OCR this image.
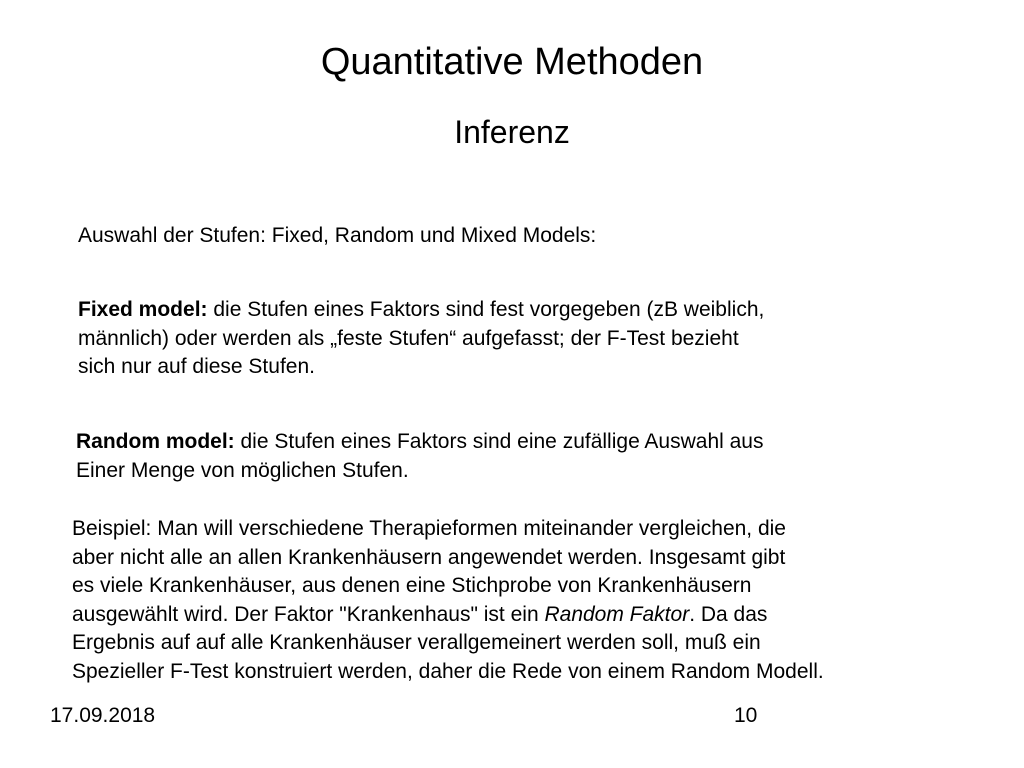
Quantitative Methoden
Inferenz
Auswahl der Stufen: Fixed, Random und Mixed Models:
Fixed model: die Stufen eines Faktors sind fest vorgegeben (zB weiblich,
männlich) oder werden als „feste Stufen“ aufgefasst; der F-Test bezieht
sich nur auf diese Stufen.
Random model: die Stufen eines Faktors sind eine zufällige Auswahl aus
Einer Menge von möglichen Stufen.
Beispiel: Man will verschiedene Therapieformen miteinander vergleichen, die
aber nicht alle an allen Krankenhäusern angewendet werden. Insgesamt gibt
es viele Krankenhäuser, aus denen eine Stichprobe von Krankenhäusern
ausgewählt wird. Der Faktor "Krankenhaus" ist ein Random Faktor. Da das
Ergebnis auf auf alle Krankenhäuser verallgemeinert werden soll, muß ein
Spezieller F-Test konstruiert werden, daher die Rede von einem Random Modell.
17.09.2018	10
